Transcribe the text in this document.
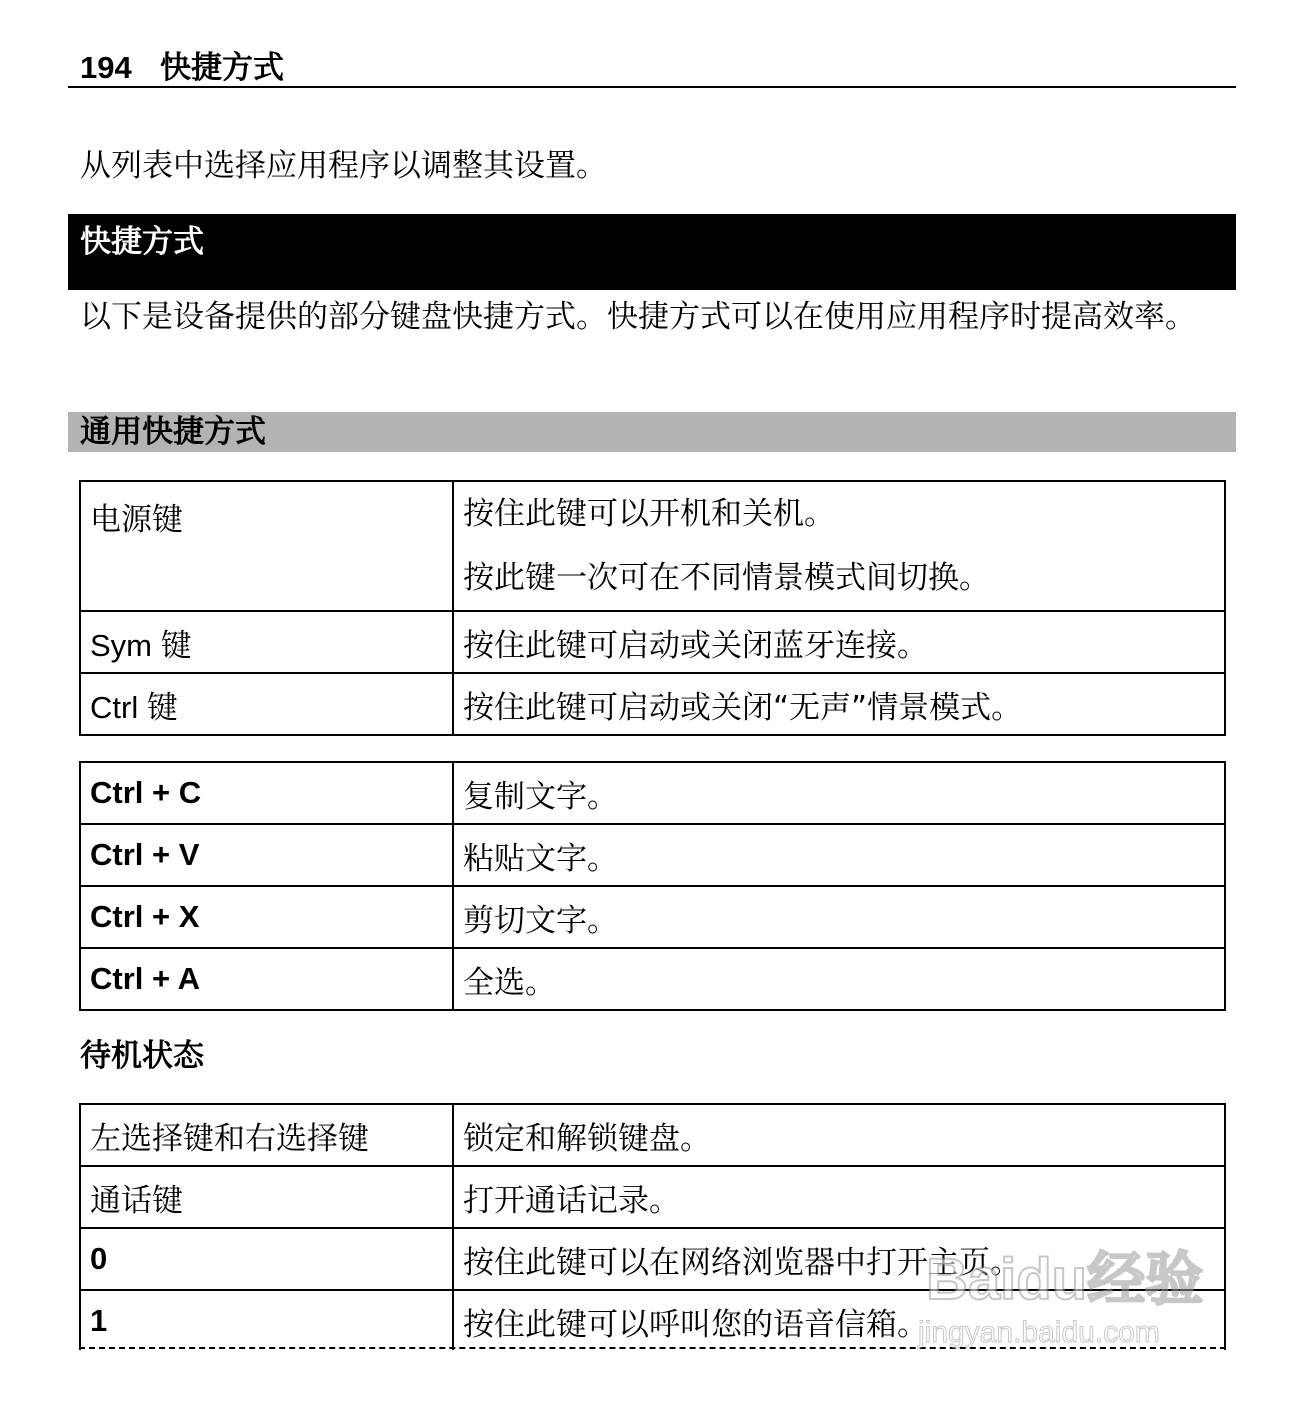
194 快捷方式
从列表中选择应用程序以调整其设置。
快捷方式
以下是设备提供的部分键盘快捷方式。快捷方式可以在使用应用程序时提高效率。
通用快捷方式
电源键	按住此键可以开机和关机。

按此键一次可在不同情景模式间切换。

Sym 键	按住此键可启动或关闭蓝牙连接。
Ctrl 键	按住此键可启动或关闭“无声”情景模式。
Ctrl + C	复制文字。
Ctrl + V	粘贴文字。
Ctrl + X	剪切文字。
Ctrl + A	全选。
待机状态
左选择键和右选择键	锁定和解锁键盘。
通话键	打开通话记录。
0	按住此键可以在网络浏览器中打开主页。
1	按住此键可以呼叫您的语音信箱。
Baidu经验
jingyan.baidu.com
